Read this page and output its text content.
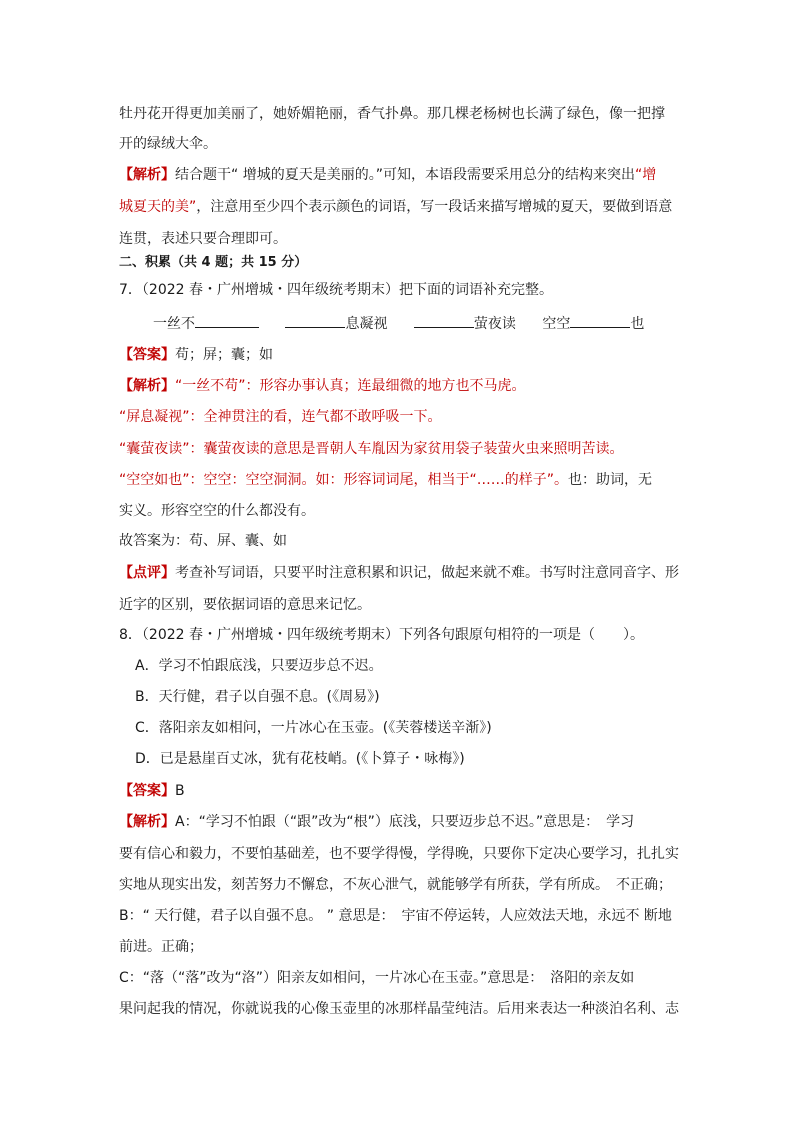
牡丹花开得更加美丽了，她娇媚艳丽，香气扑鼻。那几棵老杨树也长满了绿色，像一把撑
开的绿绒大伞。
【解析】结合题干“ 增城的夏天是美丽的。”可知，本语段需要采用总分的结构来突出“增
城夏天的美”，注意用至少四个表示颜色的词语，写一段话来描写增城的夏天，要做到语意
连贯，表述只要合理即可。
二、积累（共 4 题；共 15 分）
7．（2022 春・广州增城・四年级统考期末）把下面的词语补充完整。
一丝不	息凝视	萤夜读 空空	也
【答案】苟；屏；囊；如
【解析】“一丝不苟”：形容办事认真；连最细微的地方也不马虎。
“屏息凝视”：全神贯注的看，连气都不敢呼吸一下。
“囊萤夜读”：囊萤夜读的意思是晋朝人车胤因为家贫用袋子装萤火虫来照明苦读。
“空空如也”：空空：空空洞洞。如：形容词词尾，相当于“……的样子”。也：助词，无
实义。形容空空的什么都没有。
故答案为：苟、屏、囊、如
【点评】考查补写词语，只要平时注意积累和识记，做起来就不难。书写时注意同音字、形
近字的区别，要依据词语的意思来记忆。
8．（2022 春・广州增城・四年级统考期末）下列各句跟原句相符的一项是（　　）。
A．学习不怕跟底浅，只要迈步总不迟。
B．天行健，君子以自强不息。(《周易》)
C．落阳亲友如相问，一片冰心在玉壶。(《芙蓉楼送辛渐》)
D．已是悬崖百丈冰，犹有花枝峭。(《卜算子・咏梅》)
【答案】B
【解析】A：“学习不怕跟（“跟”改为“根”）底浅，只要迈步总不迟。”意思是：　学习
要有信心和毅力，不要怕基础差，也不要学得慢，学得晚，只要你下定决心要学习，扎扎实
实地从现实出发，刻苦努力不懈怠，不灰心泄气，就能够学有所获，学有所成。　不正确；
B：“ 天行健，君子以自强不息。 ” 意思是：　宇宙不停运转，人应效法天地，永远不 断地
前进。正确；
C：“落（“落”改为“洛”）阳亲友如相问，一片冰心在玉壶。”意思是：　洛阳的亲友如
果问起我的情况，你就说我的心像玉壶里的冰那样晶莹纯洁。后用来表达一种淡泊名利、志
